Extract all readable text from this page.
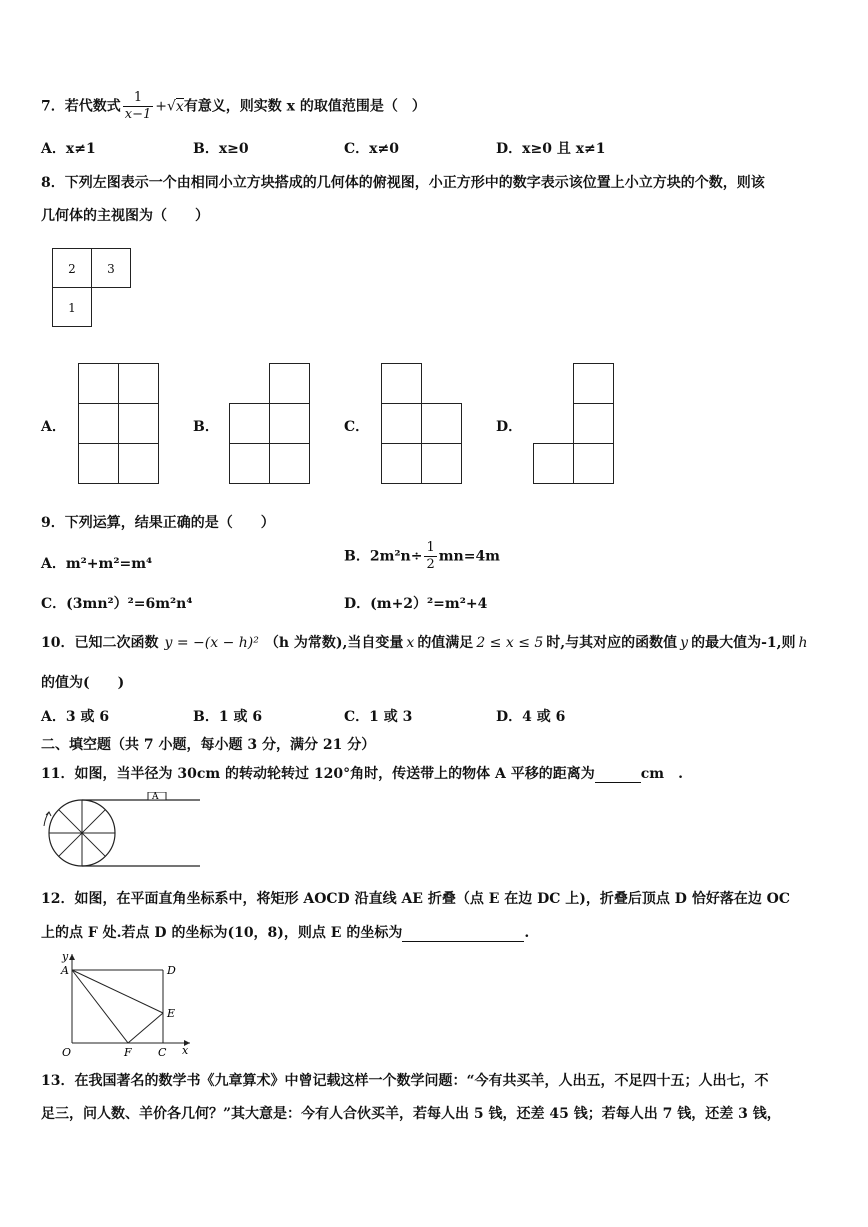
7．若代数式 $\frac{1}{x-1} +√x$有意义，则实数 x 的取值范围是（　）
A．x≠1	B．x≥0	C．x≠0	D．x≥0 且 x≠1
8．下列左图表示一个由相同小立方块搭成的几何体的俯视图，小正方形中的数字表示该位置上小立方块的个数，则该
几何体的主视图为（　　）
2	3
1
A．	B．	C．	D．
9．下列运算，结果正确的是（　　）
A．m²+m²=m⁴	B．$2m^2n\div \frac{1}{2} mn=4m$
C．(3mn²）²=6m²n⁴	D．(m+2）²=m²+4
10．已知二次函数 y = −(x − h)² （h 为常数),当自变量 x 的值满足 2 ≤ x ≤ 5 时,与其对应的函数值 y 的最大值为-1,则 h
的值为(　　)
A．3 或 6	B．1 或 6	C．1 或 3	D．4 或 6
二、填空题（共 7 小题，每小题 3 分，满分 21 分）
11．如图，当半径为 30cm 的转动轮转过 120°角时，传送带上的物体 A 平移的距离为	cm　.
A
12．如图，在平面直角坐标系中，将矩形 AOCD 沿直线 AE 折叠（点 E 在边 DC 上)，折叠后顶点 D 恰好落在边 OC
上的点 F 处.若点 D 的坐标为(10，8)，则点 E 的坐标为	.
y
A	D
E
O	F C x
13．在我国著名的数学书《九章算术》中曾记载这样一个数学问题：“今有共买羊，人出五，不足四十五；人出七，不
足三，问人数、羊价各几何？”其大意是：今有人合伙买羊，若每人出 5 钱，还差 45 钱；若每人出 7 钱，还差 3 钱，
